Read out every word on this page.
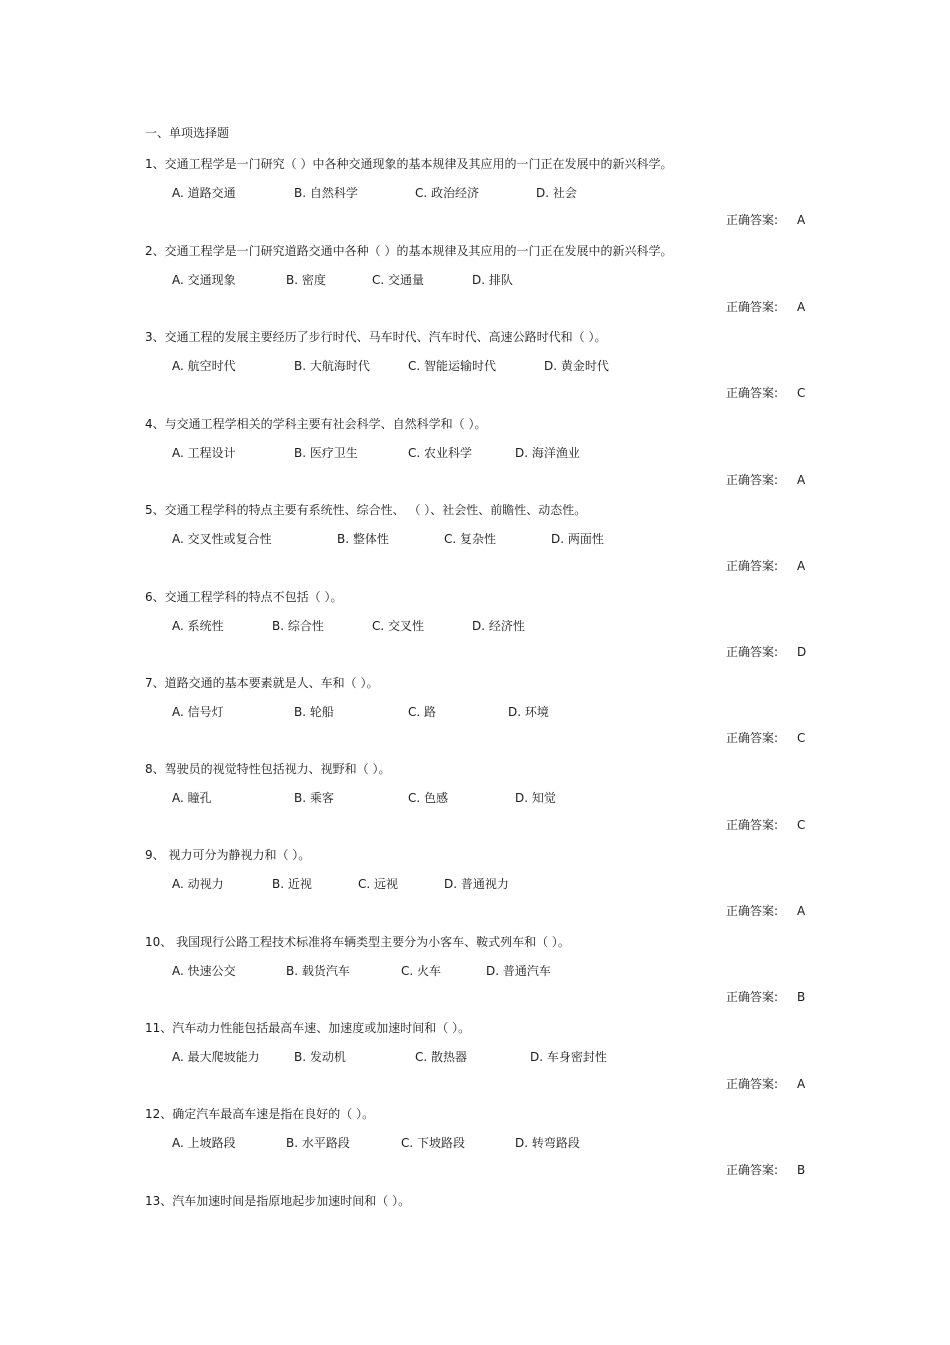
一、单项选择题
1、交通工程学是一门研究（ ）中各种交通现象的基本规律及其应用的一门正在发展中的新兴科学。
A. 道路交通	B. 自然科学	C. 政治经济	D. 社会
正确答案: A
2、交通工程学是一门研究道路交通中各种（ ）的基本规律及其应用的一门正在发展中的新兴科学。
A. 交通现象	B. 密度	C. 交通量	D. 排队
正确答案: A
3、交通工程的发展主要经历了步行时代、马车时代、汽车时代、高速公路时代和（ ）。
A. 航空时代	B. 大航海时代	C. 智能运输时代	D. 黄金时代
正确答案: C
4、与交通工程学相关的学科主要有社会科学、自然科学和（ ）。
A. 工程设计	B. 医疗卫生	C. 农业科学	D. 海洋渔业
正确答案: A
5、交通工程学科的特点主要有系统性、综合性、 （ ）、社会性、前瞻性、动态性。
A. 交叉性或复合性	B. 整体性	C. 复杂性	D. 两面性
正确答案: A
6、交通工程学科的特点不包括（ ）。
A. 系统性	B. 综合性	C. 交叉性	D. 经济性
正确答案: D
7、道路交通的基本要素就是人、车和（ ）。
A. 信号灯	B. 轮船	C. 路	D. 环境
正确答案: C
8、驾驶员的视觉特性包括视力、视野和（ ）。
A. 瞳孔	B. 乘客	C. 色感	D. 知觉
正确答案: C
9、 视力可分为静视力和（ ）。
A. 动视力	B. 近视	C. 远视	D. 普通视力
正确答案: A
10、 我国现行公路工程技术标准将车辆类型主要分为小客车、鞍式列车和（ ）。
A. 快速公交	B. 载货汽车	C. 火车	D. 普通汽车
正确答案: B
11、汽车动力性能包括最高车速、加速度或加速时间和（ ）。
A. 最大爬坡能力	B. 发动机	C. 散热器	D. 车身密封性
正确答案: A
12、确定汽车最高车速是指在良好的（ ）。
A. 上坡路段	B. 水平路段	C. 下坡路段	D. 转弯路段
正确答案: B
13、汽车加速时间是指原地起步加速时间和（ ）。
